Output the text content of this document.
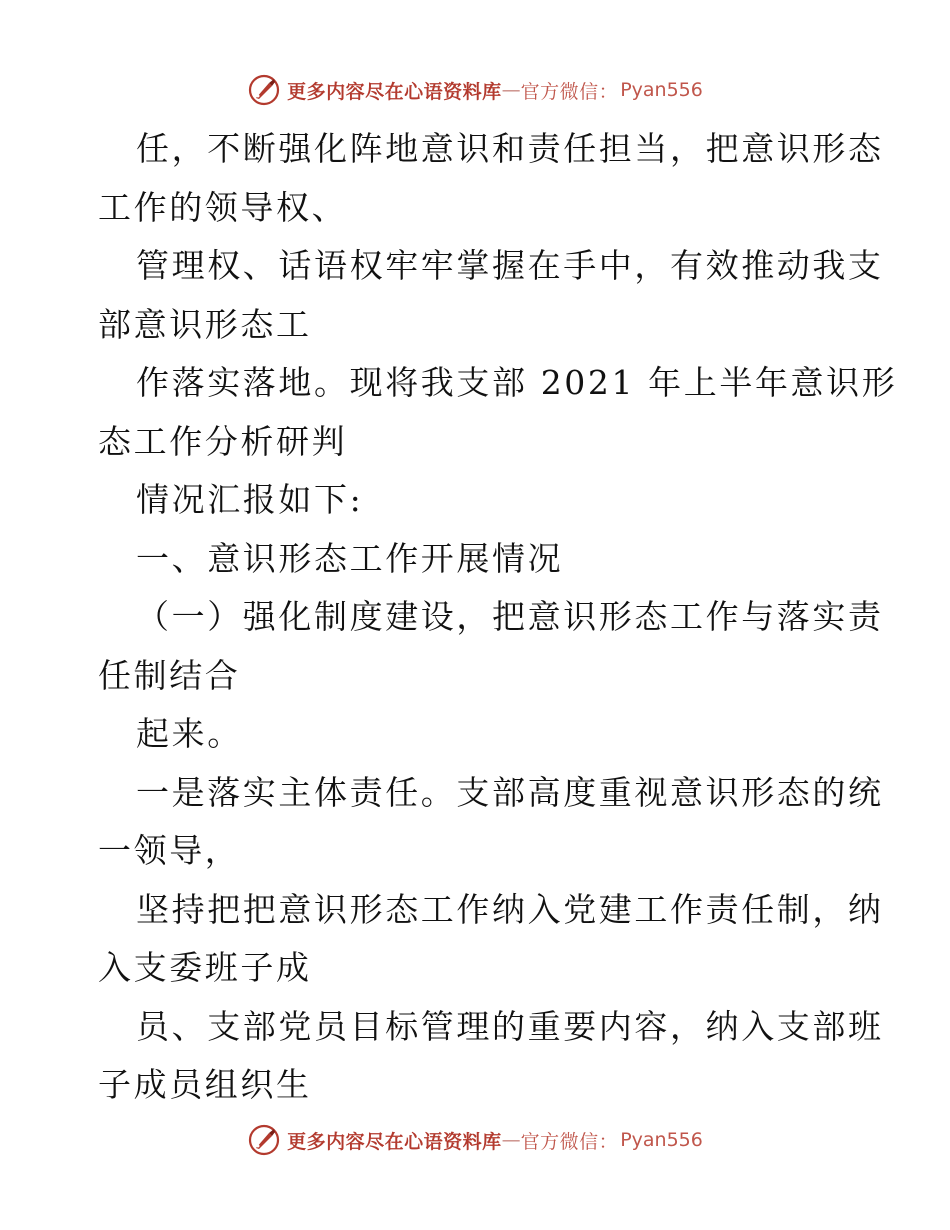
更多内容尽在心语资料库 — 官方微信： Pyan556
任，不断强化阵地意识和责任担当，把意识形态
工作的领导权、
管理权、话语权牢牢掌握在手中，有效推动我支
部意识形态工
作落实落地。现将我支部 2021 年上半年意识形
态工作分析研判
情况汇报如下:
一、意识形态工作开展情况
（一）强化制度建设，把意识形态工作与落实责
任制结合
起来。
一是落实主体责任。支部高度重视意识形态的统
一领导，
坚持把把意识形态工作纳入党建工作责任制，纳
入支委班子成
员、支部党员目标管理的重要内容，纳入支部班
子成员组织生
更多内容尽在心语资料库 — 官方微信： Pyan556
